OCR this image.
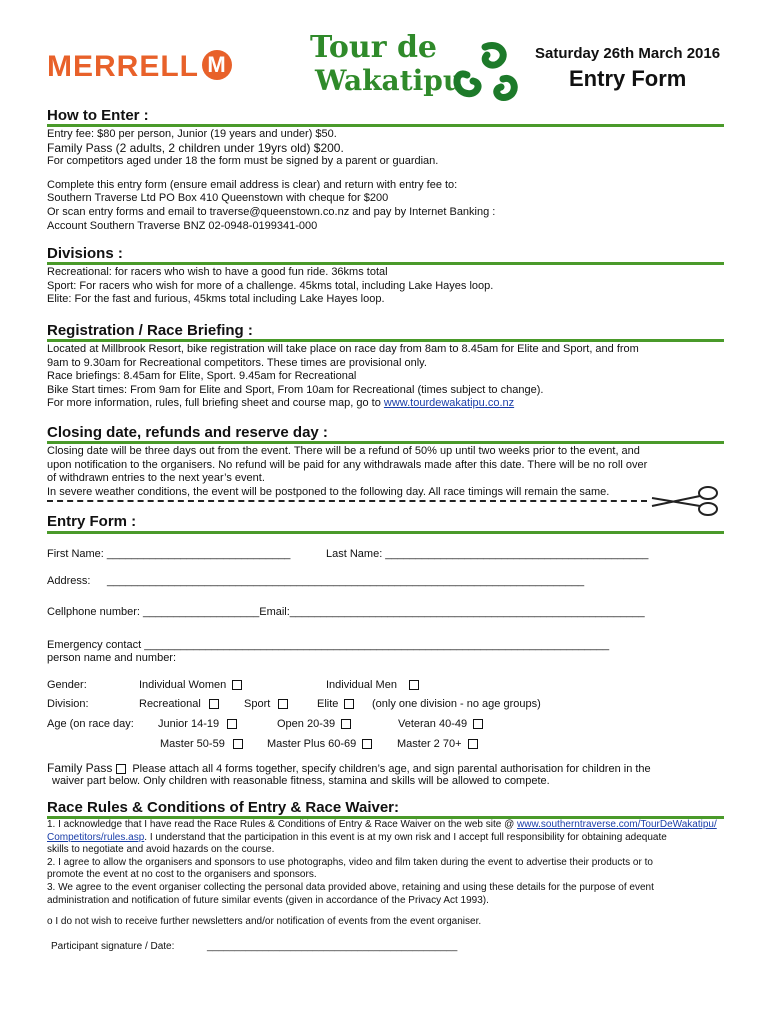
MERRELL M	Tour de
Wakatipu
Saturday 26th March 2016
Entry Form
How to Enter :
Entry fee: $80 per person, Junior (19 years and under) $50.
Family Pass (2 adults, 2 children under 19yrs old) $200.
For competitors aged under 18 the form must be signed by a parent or guardian.
Complete this entry form (ensure email address is clear) and return with entry fee to:
Southern Traverse Ltd PO Box 410 Queenstown with cheque for $200
Or scan entry forms and email to traverse@queenstown.co.nz and pay by Internet Banking :
Account Southern Traverse BNZ 02-0948-0199341-000
Divisions :
Recreational: for racers who wish to have a good fun ride. 36kms total
Sport: For racers who wish for more of a challenge. 45kms total, including Lake Hayes loop.
Elite: For the fast and furious, 45kms total including Lake Hayes loop.
Registration / Race Briefing :
Located at Millbrook Resort, bike registration will take place on race day from 8am to 8.45am for Elite and Sport, and from
9am to 9.30am for Recreational competitors. These times are provisional only.
Race briefings: 8.45am for Elite, Sport. 9.45am for Recreational
Bike Start times: From 9am for Elite and Sport, From 10am for Recreational (times subject to change).
For more information, rules, full briefing sheet and course map, go to www.tourdewakatipu.co.nz
Closing date, refunds and reserve day :
Closing date will be three days out from the event. There will be a refund of 50% up until two weeks prior to the event, and
upon notification to the organisers. No refund will be paid for any withdrawals made after this date. There will be no roll over
of withdrawn entries to the next year’s event.
In severe weather conditions, the event will be postponed to the following day. All race timings will remain the same.
Entry Form :
First Name: ______________________________	Last Name: ___________________________________________
Address: ______________________________________________________________________________
Cellphone number: ___________________Email:__________________________________________________________
Emergency contact ____________________________________________________________________________
person name and number:
Gender:	Individual Women	Individual Men
Division:	Recreational	Sport	Elite	(only one division - no age groups)
Age (on race day: Junior 14-19	Open 20-39	Veteran 40-49
Master 50-59	Master Plus 60-69	Master 2 70+
Family Pass Please attach all 4 forms together, specify children’s age, and sign parental authorisation for children in the
waiver part below. Only children with reasonable fitness, stamina and skills will be allowed to compete.
Race Rules & Conditions of Entry & Race Waiver:
1. I acknowledge that I have read the Race Rules & Conditions of Entry & Race Waiver on the web site @ www.southerntraverse.com/TourDeWakatipu/
Competitors/rules.asp. I understand that the participation in this event is at my own risk and I accept full responsibility for obtaining adequate
skills to negotiate and avoid hazards on the course.
2. I agree to allow the organisers and sponsors to use photographs, video and film taken during the event to advertise their products or to
promote the event at no cost to the organisers and sponsors.
3. We agree to the event organiser collecting the personal data provided above, retaining and using these details for the purpose of event
administration and notification of future similar events (given in accordance of the Privacy Act 1993).
o I do not wish to receive further newsletters and/or notification of events from the event organiser.
Participant signature / Date:	_____________________________________________
